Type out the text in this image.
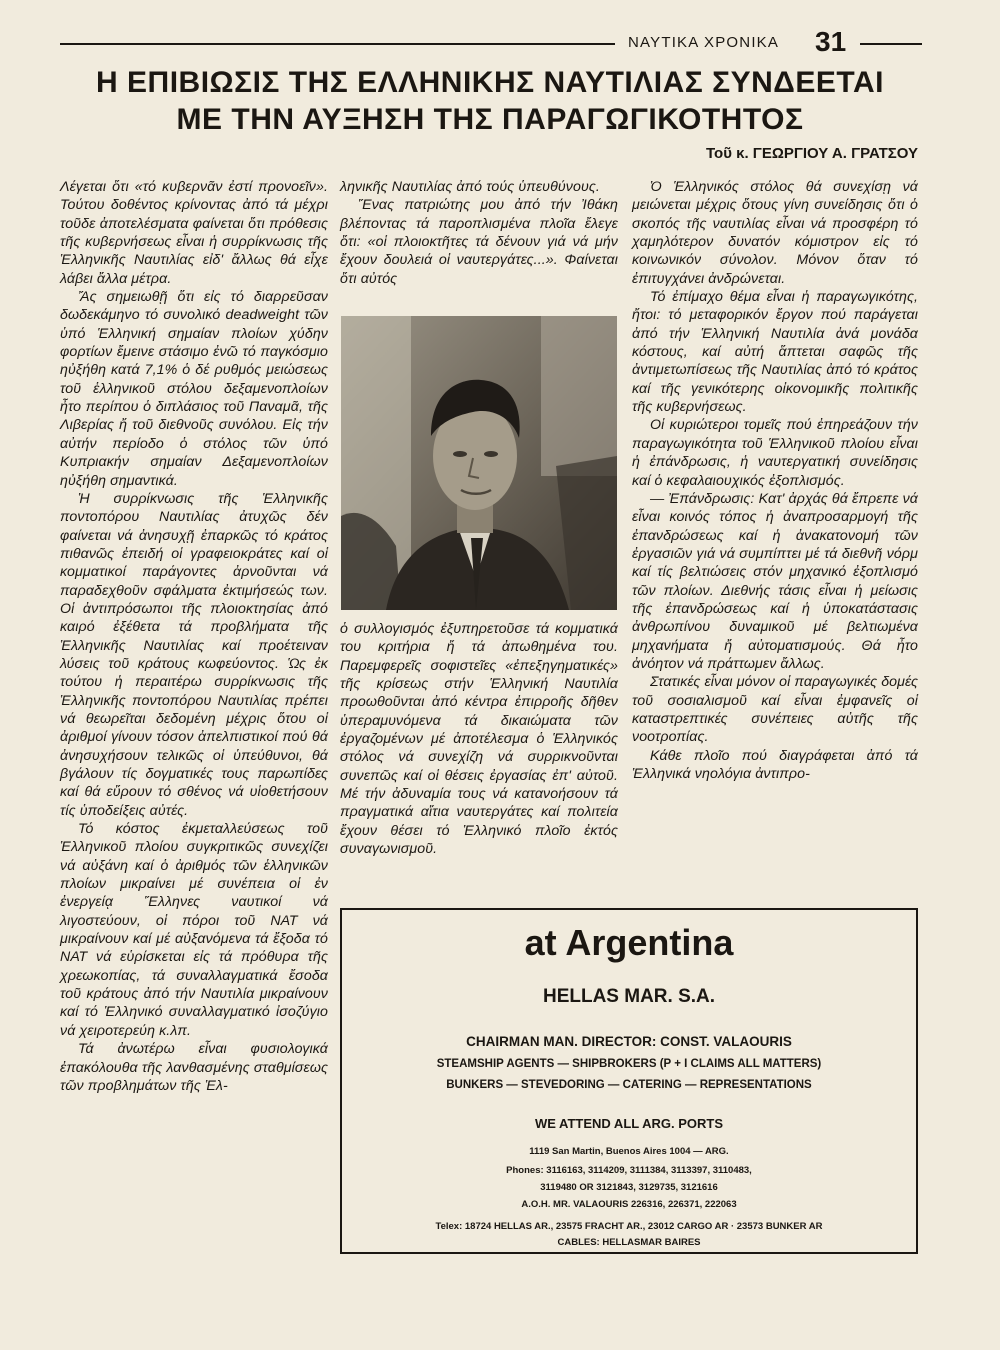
ΝΑΥΤΙΚΑ ΧΡΟΝΙΚΑ 31
Η ΕΠΙΒΙΩΣΙΣ ΤΗΣ ΕΛΛΗΝΙΚΗΣ ΝΑΥΤΙΛΙΑΣ ΣΥΝΔΕΕΤΑΙ
ΜΕ ΤΗΝ ΑΥΞΗΣΗ ΤΗΣ ΠΑΡΑΓΩΓΙΚΟΤΗΤΟΣ

Τοῦ κ. ΓΕΩΡΓΙΟΥ Α. ΓΡΑΤΣΟΥ

Λέγεται ὅτι «τό κυβερνᾶν ἐστί προνοεῖν». Τούτου δοθέντος κρίνοντας ἀπό τά μέχρι τοῦδε ἀποτελέσματα φαίνεται ὅτι πρόθεσις τῆς κυβερνήσεως εἶναι ἡ συρρίκνωσις τῆς Ἑλληνικῆς Ναυτιλίας εἰδ' ἄλλως θά εἶχε λάβει ἄλλα μέτρα.

Ἄς σημειωθῇ ὅτι εἰς τό διαρρεῦσαν δωδεκάμηνο τό συνολικό deadweight τῶν ὑπό Ἑλληνική σημαίαν πλοίων χύδην φορτίων ἔμεινε στάσιμο ἐνῶ τό παγκόσμιο ηὐξήθη κατά 7,1% ὁ δέ ρυθμός μειώσεως τοῦ ἑλληνικοῦ στόλου δεξαμενοπλοίων ἦτο περίπου ὁ διπλάσιος τοῦ Παναμᾶ, τῆς Λιβερίας ἤ τοῦ διεθνοῦς συνόλου. Εἰς τήν αὐτήν περίοδο ὁ στόλος τῶν ὑπό Κυπριακήν σημαίαν Δεξαμενοπλοίων ηὐξήθη σημαντικά.

Ἡ συρρίκνωσις τῆς Ἑλληνικῆς ποντοπόρου Ναυτιλίας ἀτυχῶς δέν φαίνεται νά ἀνησυχῇ ἐπαρκῶς τό κράτος πιθανῶς ἐπειδή οἱ γραφειοκράτες καί οἱ κομματικοί παράγοντες ἀρνοῦνται νά παραδεχθοῦν σφάλματα ἐκτιμήσεώς των. Οἱ ἀντιπρόσωποι τῆς πλοιοκτησίας ἀπό καιρό ἐξέθετα τά προβλήματα τῆς Ἑλληνικῆς Ναυτιλίας καί προέτειναν λύσεις τοῦ κράτους κωφεύοντος. Ὡς ἐκ τούτου ἡ περαιτέρω συρρίκνωσις τῆς Ἑλληνικῆς ποντοπόρου Ναυτιλίας πρέπει νά θεωρεῖται δεδομένη μέχρις ὅτου οἱ ἀριθμοί γίνουν τόσον ἀπελπιστικοί πού θά ἀνησυχήσουν τελικῶς οἱ ὑπεύθυνοι, θά βγάλουν τίς δογματικές τους παρωπίδες καί θά εὕρουν τό σθένος νά υἱοθετήσουν τίς ὑποδείξεις αὐτές.

Τό κόστος ἐκμεταλλεύσεως τοῦ Ἑλληνικοῦ πλοίου συγκριτικῶς συνεχίζει νά αὐξάνη καί ὁ ἀριθμός τῶν ἑλληνικῶν πλοίων μικραίνει μέ συνέπεια οἱ ἐν ἐνεργείᾳ Ἕλληνες ναυτικοί νά λιγοστεύουν, οἱ πόροι τοῦ ΝΑΤ νά μικραίνουν καί μέ αὐξανόμενα τά ἔξοδα τό ΝΑΤ νά εὑρίσκεται εἰς τά πρόθυρα τῆς χρεωκοπίας, τά συναλλαγματικά ἔσοδα τοῦ κράτους ἀπό τήν Ναυτιλία μικραίνουν καί τό Ἑλληνικό συναλλαγματικό ἰσοζύγιο νά χειροτερεύη κ.λπ.

Τά ἀνωτέρω εἶναι φυσιολογικά ἐπακόλουθα τῆς λανθασμένης σταθμίσεως τῶν προβλημάτων τῆς Ἑλ-

ληνικῆς Ναυτιλίας ἀπό τούς ὑπευθύνους.

Ἕνας πατριώτης μου ἀπό τήν Ἰθάκη βλέποντας τά παροπλισμένα πλοῖα ἔλεγε ὅτι: «οἱ πλοιοκτῆτες τά δένουν γιά νά μήν ἔχουν δουλειά οἱ ναυτεργάτες...». Φαίνεται ὅτι αὐτός

ὁ συλλογισμός ἐξυπηρετοῦσε τά κομματικά του κριτήρια ἤ τά ἀπωθημένα του. Παρεμφερεῖς σοφιστεῖες «ἐπεξηγηματικές» τῆς κρίσεως στήν Ἑλληνική Ναυτιλία προωθοῦνται ἀπό κέντρα ἐπιρροῆς δῆθεν ὑπεραμυνόμενα τά δικαιώματα τῶν ἐργαζομένων μέ ἀποτέλεσμα ὁ Ἑλληνικός στόλος νά συνεχίζη νά συρρικνοῦνται συνεπῶς καί οἱ θέσεις ἐργασίας ἐπ' αὐτοῦ. Μέ τήν ἀδυναμία τους νά κατανοήσουν τά πραγματικά αἴτια ναυτεργάτες καί πολιτεία ἔχουν θέσει τό Ἑλληνικό πλοῖο ἐκτός συναγωνισμοῦ.

Ὁ Ἑλληνικός στόλος θά συνεχίσῃ νά μειώνεται μέχρις ὅτους γίνη συνείδησις ὅτι ὁ σκοπός τῆς ναυτιλίας εἶναι νά προσφέρη τό χαμηλότερον δυνατόν κόμιστρον εἰς τό κοινωνικόν σύνολον. Μόνον ὅταν τό ἐπιτυγχάνει ἀνδρώνεται.

Τό ἐπίμαχο θέμα εἶναι ἡ παραγωγικότης, ἤτοι: τό μεταφορικόν ἔργον πού παράγεται ἀπό τήν Ἑλληνική Ναυτιλία ἀνά μονάδα κόστους, καί αὐτή ἅπτεται σαφῶς τῆς ἀντιμετωπίσεως τῆς Ναυτιλίας ἀπό τό κράτος καί τῆς γενικότερης οἰκονομικῆς πολιτικῆς τῆς κυβερνήσεως.

Οἱ κυριώτεροι τομεῖς πού ἐπηρεάζουν τήν παραγωγικότητα τοῦ Ἑλληνικοῦ πλοίου εἶναι ἡ ἐπάνδρωσις, ἡ ναυτεργατική συνείδησις καί ὁ κεφαλαιουχικός ἐξοπλισμός.

— Ἐπάνδρωσις: Κατ' ἀρχάς θά ἔπρεπε νά εἶναι κοινός τόπος ἡ ἀναπροσαρμογή τῆς ἐπανδρώσεως καί ἡ ἀνακατονομή τῶν ἐργασιῶν γιά νά συμπίπτει μέ τά διεθνῆ νόρμ καί τίς βελτιώσεις στόν μηχανικό ἐξοπλισμό τῶν πλοίων. Διεθνής τάσις εἶναι ἡ μείωσις τῆς ἐπανδρώσεως καί ἡ ὑποκατάστασις ἀνθρωπίνου δυναμικοῦ μέ βελτιωμένα μηχανήματα ἤ αὐτοματισμούς. Θά ἦτο ἀνόητον νά πράττωμεν ἄλλως.

Στατικές εἶναι μόνον οἱ παραγωγικές δομές τοῦ σοσιαλισμοῦ καί εἶναι ἐμφανεῖς οἱ καταστρεπτικές συνέπειες αὐτῆς τῆς νοοτροπίας.

Κάθε πλοῖο πού διαγράφεται ἀπό τά Ἑλληνικά νηολόγια ἀντιπρο-

at Argentina
HELLAS MAR. S.A.
CHAIRMAN MAN. DIRECTOR: CONST. VALAOURIS
STEAMSHIP AGENTS — SHIPBROKERS (P + I CLAIMS ALL MATTERS)
BUNKERS — STEVEDORING — CATERING — REPRESENTATIONS
WE ATTEND ALL ARG. PORTS
1119 San Martin, Buenos Aires 1004 — ARG.
Phones: 3116163, 3114209, 3111384, 3113397, 3110483,
3119480 OR 3121843, 3129735, 3121616
A.O.H. MR. VALAOURIS 226316, 226371, 222063
Telex: 18724 HELLAS AR., 23575 FRACHT AR., 23012 CARGO AR · 23573 BUNKER AR
CABLES: HELLASMAR BAIRES
